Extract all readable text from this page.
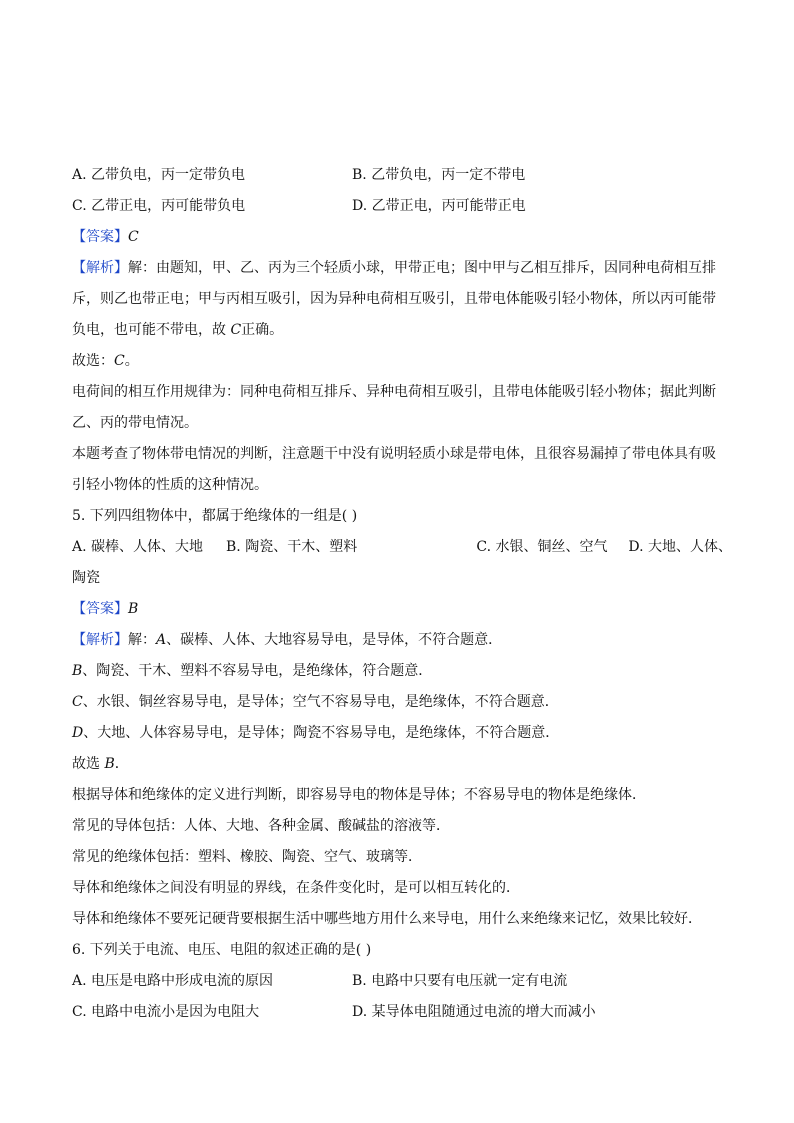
A. 乙带负电，丙一定带负电	B. 乙带负电，丙一定不带电
C. 乙带正电，丙可能带负电	D. 乙带正电，丙可能带正电
【 答案 】 C
【 解析 】 解：由题知，甲、乙、丙为三个轻质小球，甲带正电；图中甲与乙相互排斥，因同种电荷相互排
斥，则乙也带正电；甲与丙相互吸引，因为异种电荷相互吸引，且带电体能吸引轻小物体，所以丙可能带
负电，也可能不带电，故 C正确。
故选：C。
电荷间的相互作用规律为：同种电荷相互排斥、异种电荷相互吸引，且带电体能吸引轻小物体；据此判断
乙、丙的带电情况。
本题考查了物体带电情况的判断，注意题干中没有说明轻质小球是带电体，且很容易漏掉了带电体具有吸
引轻小物体的性质的这种情况。
5. 下列四组物体中，都属于绝缘体的一组是( )
A. 碳棒、人体、大地	B. 陶瓷、干木、塑料	C. 水银、铜丝、空气	D. 大地、人体、
陶瓷
【 答案 】 B
【 解析 】 解：A、碳棒、人体、大地容易导电，是导体，不符合题意．
B、陶瓷、干木、塑料不容易导电，是绝缘体，符合题意．
C、水银、铜丝容易导电，是导体；空气不容易导电，是绝缘体，不符合题意．
D、大地、人体容易导电，是导体；陶瓷不容易导电，是绝缘体，不符合题意．
故选 B．
根据导体和绝缘体的定义进行判断，即容易导电的物体是导体；不容易导电的物体是绝缘体．
常见的导体包括：人体、大地、各种金属、酸碱盐的溶液等．
常见的绝缘体包括：塑料、橡胶、陶瓷、空气、玻璃等．
导体和绝缘体之间没有明显的界线，在条件变化时，是可以相互转化的．
导体和绝缘体不要死记硬背要根据生活中哪些地方用什么来导电，用什么来绝缘来记忆，效果比较好．
6. 下列关于电流、电压、电阻的叙述正确的是( )
A. 电压是电路中形成电流的原因	B. 电路中只要有电压就一定有电流
C. 电路中电流小是因为电阻大	D. 某导体电阻随通过电流的增大而减小
